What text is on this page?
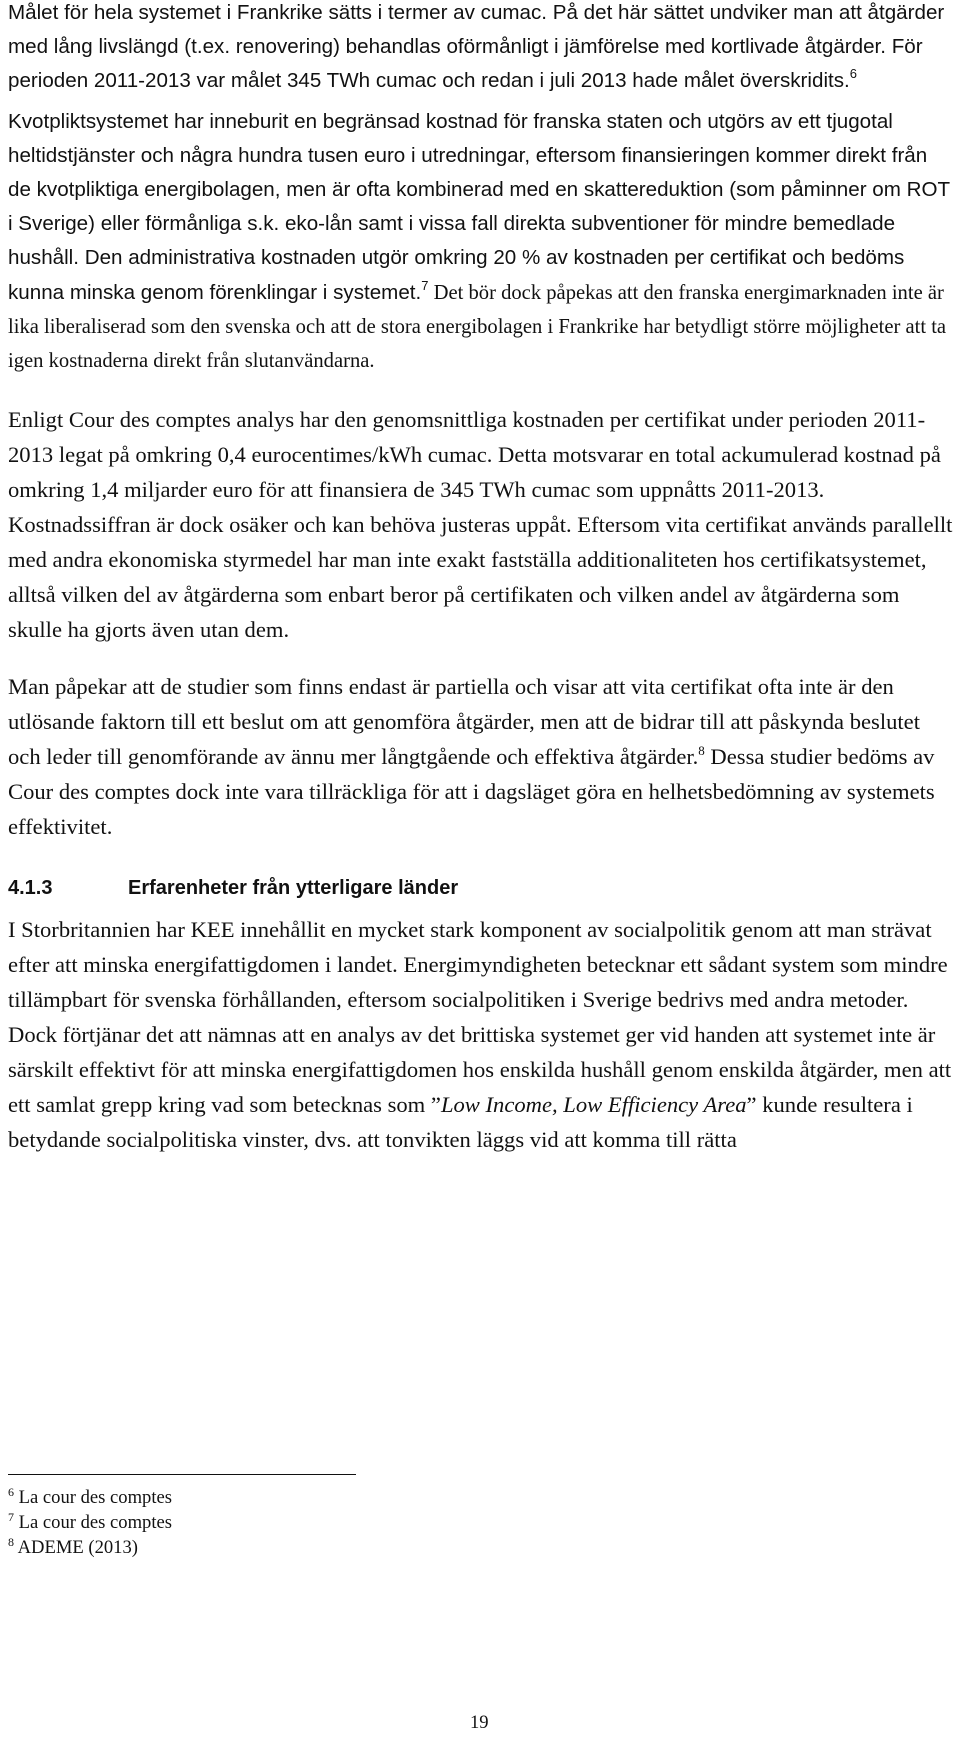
Målet för hela systemet i Frankrike sätts i termer av cumac. På det här sättet undviker man att åtgärder med lång livslängd (t.ex. renovering) behandlas oförmånligt i jämförelse med kortlivade åtgärder. För perioden 2011-2013 var målet 345 TWh cumac och redan i juli 2013 hade målet överskridits.$^6$

Kvotpliktsystemet har inneburit en begränsad kostnad för franska staten och utgörs av ett tjugotal heltidstjänster och några hundra tusen euro i utredningar, eftersom finansieringen kommer direkt från de kvotpliktiga energibolagen, men är ofta kombinerad med en skattereduktion (som påminner om ROT i Sverige) eller förmånliga s.k. eko-lån samt i vissa fall direkta subventioner för mindre bemedlade hushåll. Den administrativa kostnaden utgör omkring 20 % av kostnaden per certifikat och bedöms kunna minska genom förenklingar i systemet.$^7$ Det bör dock påpekas att den franska energimarknaden inte är lika liberaliserad som den svenska och att de stora energibolagen i Frankrike har betydligt större möjligheter att ta igen kostnaderna direkt från slutanvändarna.

Enligt Cour des comptes analys har den genomsnittliga kostnaden per certifikat under perioden 2011-2013 legat på omkring 0,4 eurocentimes/kWh cumac. Detta motsvarar en total ackumulerad kostnad på omkring 1,4 miljarder euro för att finansiera de 345 TWh cumac som uppnåtts 2011-2013. Kostnadssiffran är dock osäker och kan behöva justeras uppåt. Eftersom vita certifikat används parallellt med andra ekonomiska styrmedel har man inte exakt fastställa additionaliteten hos certifikatsystemet, alltså vilken del av åtgärderna som enbart beror på certifikaten och vilken andel av åtgärderna som skulle ha gjorts även utan dem.

Man påpekar att de studier som finns endast är partiella och visar att vita certifikat ofta inte är den utlösande faktorn till ett beslut om att genomföra åtgärder, men att de bidrar till att påskynda beslutet och leder till genomförande av ännu mer långtgående och effektiva åtgärder.$^8$ Dessa studier bedöms av Cour des comptes dock inte vara tillräckliga för att i dagsläget göra en helhetsbedömning av systemets effektivitet.

4.1.3	Erfarenheter från ytterligare länder

I Storbritannien har KEE innehållit en mycket stark komponent av socialpolitik genom att man strävat efter att minska energifattigdomen i landet. Energimyndigheten betecknar ett sådant system som mindre tillämpbart för svenska förhållanden, eftersom socialpolitiken i Sverige bedrivs med andra metoder. Dock förtjänar det att nämnas att en analys av det brittiska systemet ger vid handen att systemet inte är särskilt effektivt för att minska energifattigdomen hos enskilda hushåll genom enskilda åtgärder, men att ett samlat grepp kring vad som betecknas som ”Low Income, Low Efficiency Area” kunde resultera i betydande socialpolitiska vinster, dvs. att tonvikten läggs vid att komma till rätta

$^6$ La cour des comptes
$^7$ La cour des comptes
$^8$ ADEME (2013)
19
